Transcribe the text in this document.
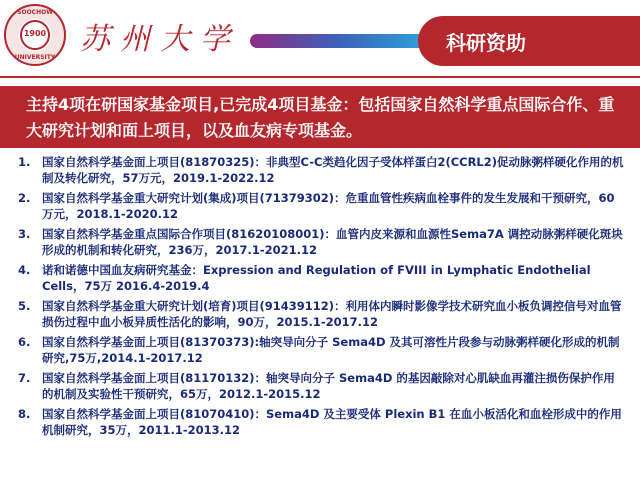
SOOCHOW
1900
UNIVERSITY
苏州大学	科研资助
主持4项在研国家基金项目,已完成4项目基金：包括国家自然科学重点国际合作、重大研究计划和面上项目，以及血友病专项基金。
1. 国家自然科学基金面上项目(81870325)：非典型C-C类趋化因子受体样蛋白2(CCRL2)促动脉粥样硬化作用的机制及转化研究，57万元，2019.1-2022.12
2. 国家自然科学基金重大研究计划(集成)项目(71379302)：危重血管性疾病血栓事件的发生发展和干预研究，60万元，2018.1-2020.12
3. 国家自然科学基金重点国际合作项目(81620108001)：血管内皮来源和血源性Sema7A 调控动脉粥样硬化斑块形成的机制和转化研究，236万，2017.1-2021.12
4. 诺和诺德中国血友病研究基金：Expression and Regulation of FVIII in Lymphatic Endothelial Cells，75万 2016.4-2019.4
5. 国家自然科学基金重大研究计划(培育)项目(91439112)：利用体内瞬时影像学技术研究血小板负调控信号对血管损伤过程中血小板异质性活化的影响，90万，2015.1-2017.12
6. 国家自然科学基金面上项目(81370373):轴突导向分子 Sema4D 及其可溶性片段参与动脉粥样硬化形成的机制研究,75万,2014.1-2017.12
7. 国家自然科学基金面上项目(81170132)：轴突导向分子 Sema4D 的基因敲除对心肌缺血再灌注损伤保护作用的机制及实验性干预研究，65万，2012.1-2015.12
8. 国家自然科学基金面上项目(81070410)：Sema4D 及主要受体 Plexin B1 在血小板活化和血栓形成中的作用机制研究，35万，2011.1-2013.12
